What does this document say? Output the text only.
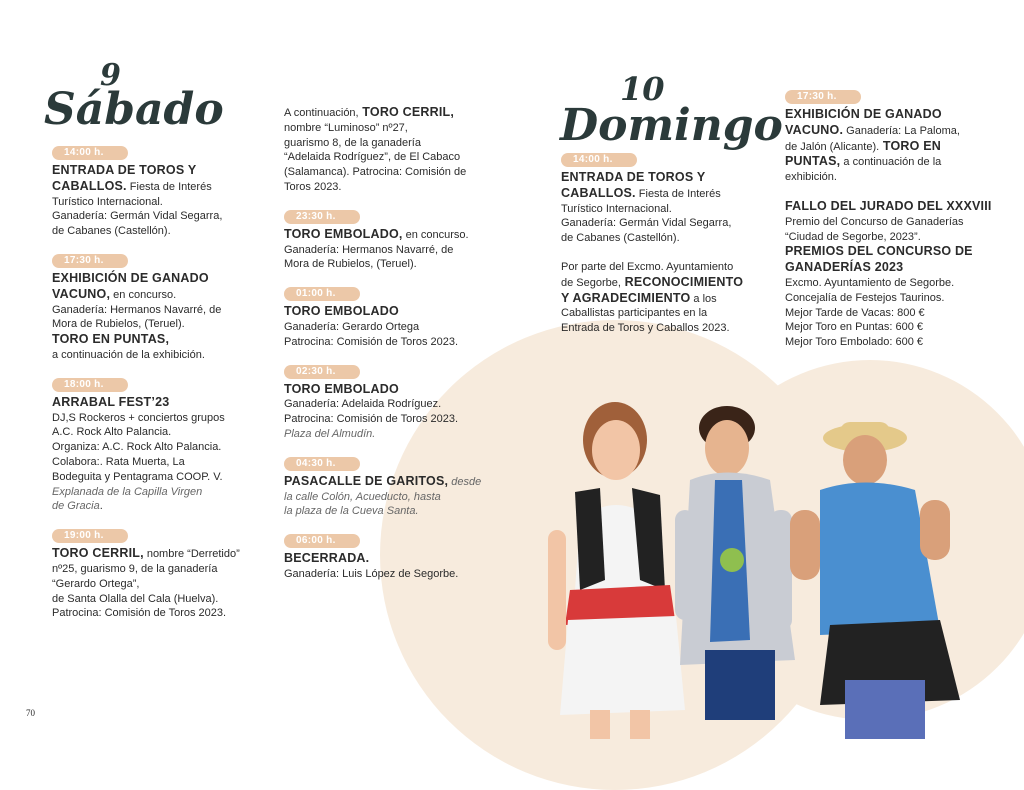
9
Sábado	10
Domingo
14:00 h.
ENTRADA DE TOROS Y
CABALLOS. Fiesta de Interés
Turístico Internacional.
Ganadería: Germán Vidal Segarra,
de Cabanes (Castellón).
17:30 h.
EXHIBICIÓN DE GANADO
VACUNO, en concurso.
Ganadería: Hermanos Navarré, de
Mora de Rubielos, (Teruel).
TORO EN PUNTAS,
a continuación de la exhibición.
18:00 h.
ARRABAL FEST’23
DJ,S Rockeros + conciertos grupos
A.C. Rock Alto Palancia.
Organiza: A.C. Rock Alto Palancia.
Colabora:. Rata Muerta, La
Bodeguita y Pentagrama COOP. V.
Explanada de la Capilla Virgen
de Gracia.
19:00 h.
TORO CERRIL, nombre “Derretido”
nº25, guarismo 9, de la ganadería
“Gerardo Ortega”,
de Santa Olalla del Cala (Huelva).
Patrocina: Comisión de Toros 2023.
A continuación, TORO CERRIL,
nombre “Luminoso” nº27,
guarismo 8, de la ganadería
“Adelaida Rodríguez”, de El Cabaco
(Salamanca). Patrocina: Comisión de
Toros 2023.
23:30 h.
TORO EMBOLADO, en concurso.
Ganadería: Hermanos Navarré, de
Mora de Rubielos, (Teruel).
01:00 h.
TORO EMBOLADO
Ganadería: Gerardo Ortega
Patrocina: Comisión de Toros 2023.
02:30 h.
TORO EMBOLADO
Ganadería: Adelaida Rodríguez.
Patrocina: Comisión de Toros 2023.
Plaza del Almudín.
04:30 h.
PASACALLE DE GARITOS, desde
la calle Colón, Acueducto, hasta
la plaza de la Cueva Santa.
06:00 h.
BECERRADA.
Ganadería: Luis López de Segorbe.
14:00 h.
ENTRADA DE TOROS Y
CABALLOS. Fiesta de Interés
Turístico Internacional.
Ganadería: Germán Vidal Segarra,
de Cabanes (Castellón).
Por parte del Excmo. Ayuntamiento
de Segorbe, RECONOCIMIENTO
Y AGRADECIMIENTO a los
Caballistas participantes en la
Entrada de Toros y Caballos 2023.
17:30 h.
EXHIBICIÓN DE GANADO
VACUNO. Ganadería: La Paloma,
de Jalón (Alicante). TORO EN
PUNTAS, a continuación de la
exhibición.
FALLO DEL JURADO DEL XXXVIII
Premio del Concurso de Ganaderías
“Ciudad de Segorbe, 2023”.
PREMIOS DEL CONCURSO DE
GANADERÍAS 2023
Excmo. Ayuntamiento de Segorbe.
Concejalía de Festejos Taurinos.
Mejor Tarde de Vacas: 800 €
Mejor Toro en Puntas: 600 €
Mejor Toro Embolado: 600 €
70
